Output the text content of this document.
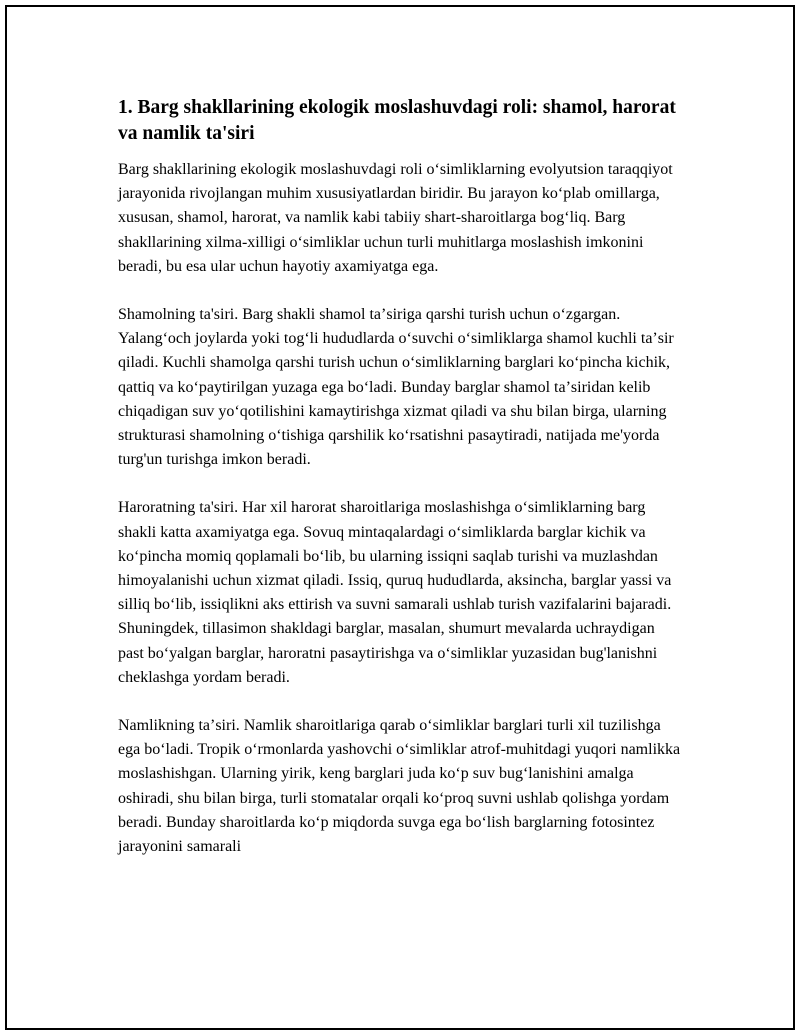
1. Barg shakllarining ekologik moslashuvdagi roli: shamol, harorat va namlik ta'siri

Barg shakllarining ekologik moslashuvdagi roli oʻsimliklarning evolyutsion taraqqiyot jarayonida rivojlangan muhim xususiyatlardan biridir. Bu jarayon koʻplab omillarga, xususan, shamol, harorat, va namlik kabi tabiiy shart-sharoitlarga bogʻliq. Barg shakllarining xilma-xilligi oʻsimliklar uchun turli muhitlarga moslashish imkonini beradi, bu esa ular uchun hayotiy axamiyatga ega.

Shamolning ta'siri. Barg shakli shamol taʼsiriga qarshi turish uchun oʻzgargan. Yalangʻoch joylarda yoki togʻli hududlarda oʻsuvchi oʻsimliklarga shamol kuchli taʼsir qiladi. Kuchli shamolga qarshi turish uchun oʻsimliklarning barglari koʻpincha kichik, qattiq va koʻpaytirilgan yuzaga ega boʻladi. Bunday barglar shamol taʼsiridan kelib chiqadigan suv yoʻqotilishini kamaytirishga xizmat qiladi va shu bilan birga, ularning strukturasi shamolning oʻtishiga qarshilik koʻrsatishni pasaytiradi, natijada me'yorda turg'un turishga imkon beradi.

Haroratning ta'siri. Har xil harorat sharoitlariga moslashishga oʻsimliklarning barg shakli katta axamiyatga ega. Sovuq mintaqalardagi oʻsimliklarda barglar kichik va koʻpincha momiq qoplamali boʻlib, bu ularning issiqni saqlab turishi va muzlashdan himoyalanishi uchun xizmat qiladi. Issiq, quruq hududlarda, aksincha, barglar yassi va silliq boʻlib, issiqlikni aks ettirish va suvni samarali ushlab turish vazifalarini bajaradi. Shuningdek, tillasimon shakldagi barglar, masalan, shumurt mevalarda uchraydigan past boʻyalgan barglar, haroratni pasaytirishga va oʻsimliklar yuzasidan bug'lanishni cheklashga yordam beradi.

Namlikning taʼsiri. Namlik sharoitlariga qarab oʻsimliklar barglari turli xil tuzilishga ega boʻladi. Tropik oʻrmonlarda yashovchi oʻsimliklar atrof-muhitdagi yuqori namlikka moslashishgan. Ularning yirik, keng barglari juda koʻp suv bugʻlanishini amalga oshiradi, shu bilan birga, turli stomatalar orqali koʻproq suvni ushlab qolishga yordam beradi. Bunday sharoitlarda koʻp miqdorda suvga ega boʻlish barglarning fotosintez jarayonini samarali
